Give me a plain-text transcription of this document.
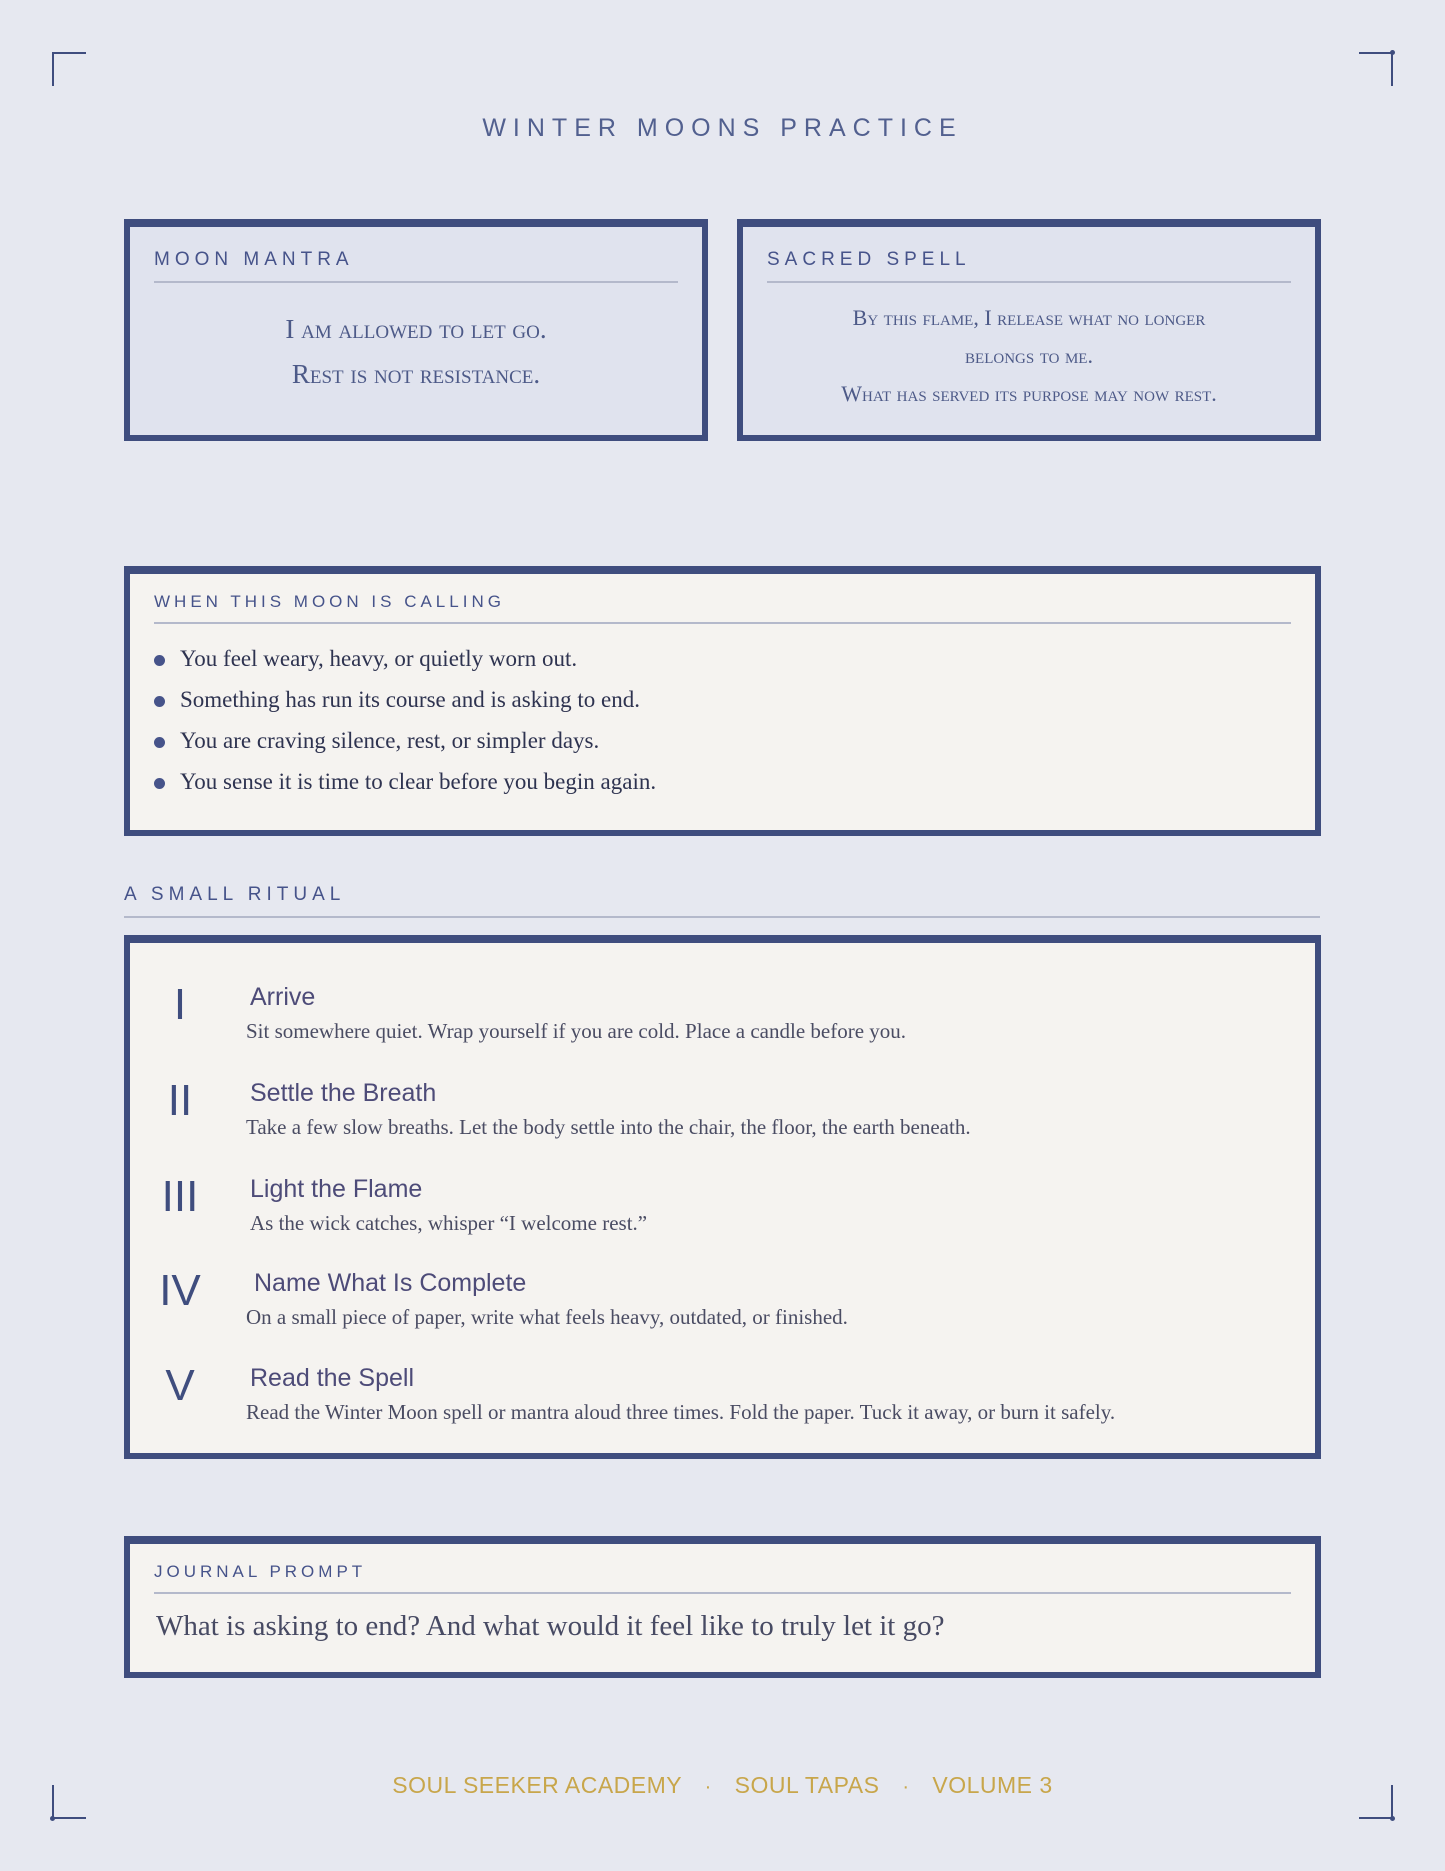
WINTER MOONS PRACTICE
MOON MANTRA
I am allowed to let go.
Rest is not resistance.
SACRED SPELL
By this flame, I release what no longer
belongs to me.
What has served its purpose may now rest.
WHEN THIS MOON IS CALLING
You feel weary, heavy, or quietly worn out.
Something has run its course and is asking to end.
You are craving silence, rest, or simpler days.
You sense it is time to clear before you begin again.
A SMALL RITUAL
I	Arrive
Sit somewhere quiet. Wrap yourself if you are cold. Place a candle before you.
II	Settle the Breath
Take a few slow breaths. Let the body settle into the chair, the floor, the earth beneath.
III	Light the Flame
As the wick catches, whisper “I welcome rest.”
IV	Name What Is Complete
On a small piece of paper, write what feels heavy, outdated, or finished.
V	Read the Spell
Read the Winter Moon spell or mantra aloud three times. Fold the paper. Tuck it away, or burn it safely.
JOURNAL PROMPT
What is asking to end? And what would it feel like to truly let it go?
SOUL SEEKER ACADEMY · SOUL TAPAS · VOLUME 3
